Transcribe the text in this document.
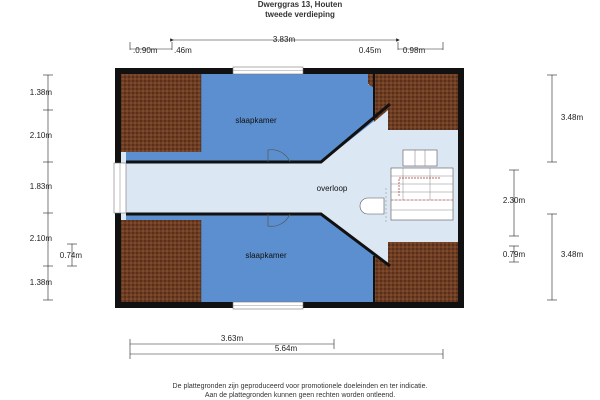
Dwerggras 13, Houten
tweede verdieping
slaapkamer
overloop
slaapkamer
.0.90m .46m
3.83m
0.45m	0.98m
1.38m
2.10m
1.83m
2.10m
0.74m
1.38m
3.48m
2.30m
0.79m	3.48m
3.63m
5.64m
De plattegronden zijn geproduceerd voor promotionele doeleinden en ter indicatie.
Aan de plattegronden kunnen geen rechten worden ontleend.
